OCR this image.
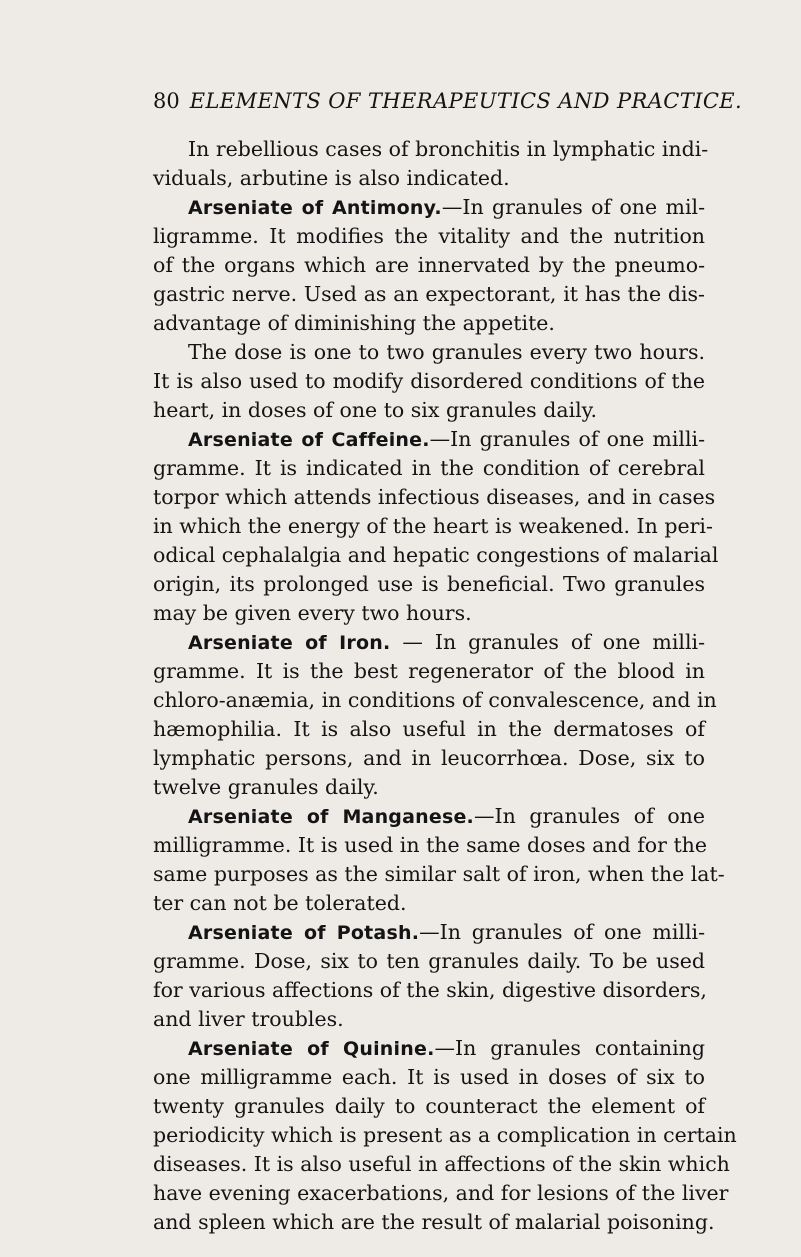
80 ELEMENTS OF THERAPEUTICS AND PRACTICE.
In rebellious cases of bronchitis in lymphatic indi-
viduals, arbutine is also indicated.
Arseniate of Antimony.—In granules of one mil-
ligramme. It modifies the vitality and the nutrition
of the organs which are innervated by the pneumo-
gastric nerve. Used as an expectorant, it has the dis-
advantage of diminishing the appetite.
The dose is one to two granules every two hours.
It is also used to modify disordered conditions of the
heart, in doses of one to six granules daily.
Arseniate of Caffeine.—In granules of one milli-
gramme. It is indicated in the condition of cerebral
torpor which attends infectious diseases, and in cases
in which the energy of the heart is weakened. In peri-
odical cephalalgia and hepatic congestions of malarial
origin, its prolonged use is beneficial. Two granules
may be given every two hours.
Arseniate of Iron. — In granules of one milli-
gramme. It is the best regenerator of the blood in
chloro-anæmia, in conditions of convalescence, and in
hæmophilia. It is also useful in the dermatoses of
lymphatic persons, and in leucorrhœa. Dose, six to
twelve granules daily.
Arseniate of Manganese.—In granules of one
milligramme. It is used in the same doses and for the
same purposes as the similar salt of iron, when the lat-
ter can not be tolerated.
Arseniate of Potash.—In granules of one milli-
gramme. Dose, six to ten granules daily. To be used
for various affections of the skin, digestive disorders,
and liver troubles.
Arseniate of Quinine.—In granules containing
one milligramme each. It is used in doses of six to
twenty granules daily to counteract the element of
periodicity which is present as a complication in certain
diseases. It is also useful in affections of the skin which
have evening exacerbations, and for lesions of the liver
and spleen which are the result of malarial poisoning.
